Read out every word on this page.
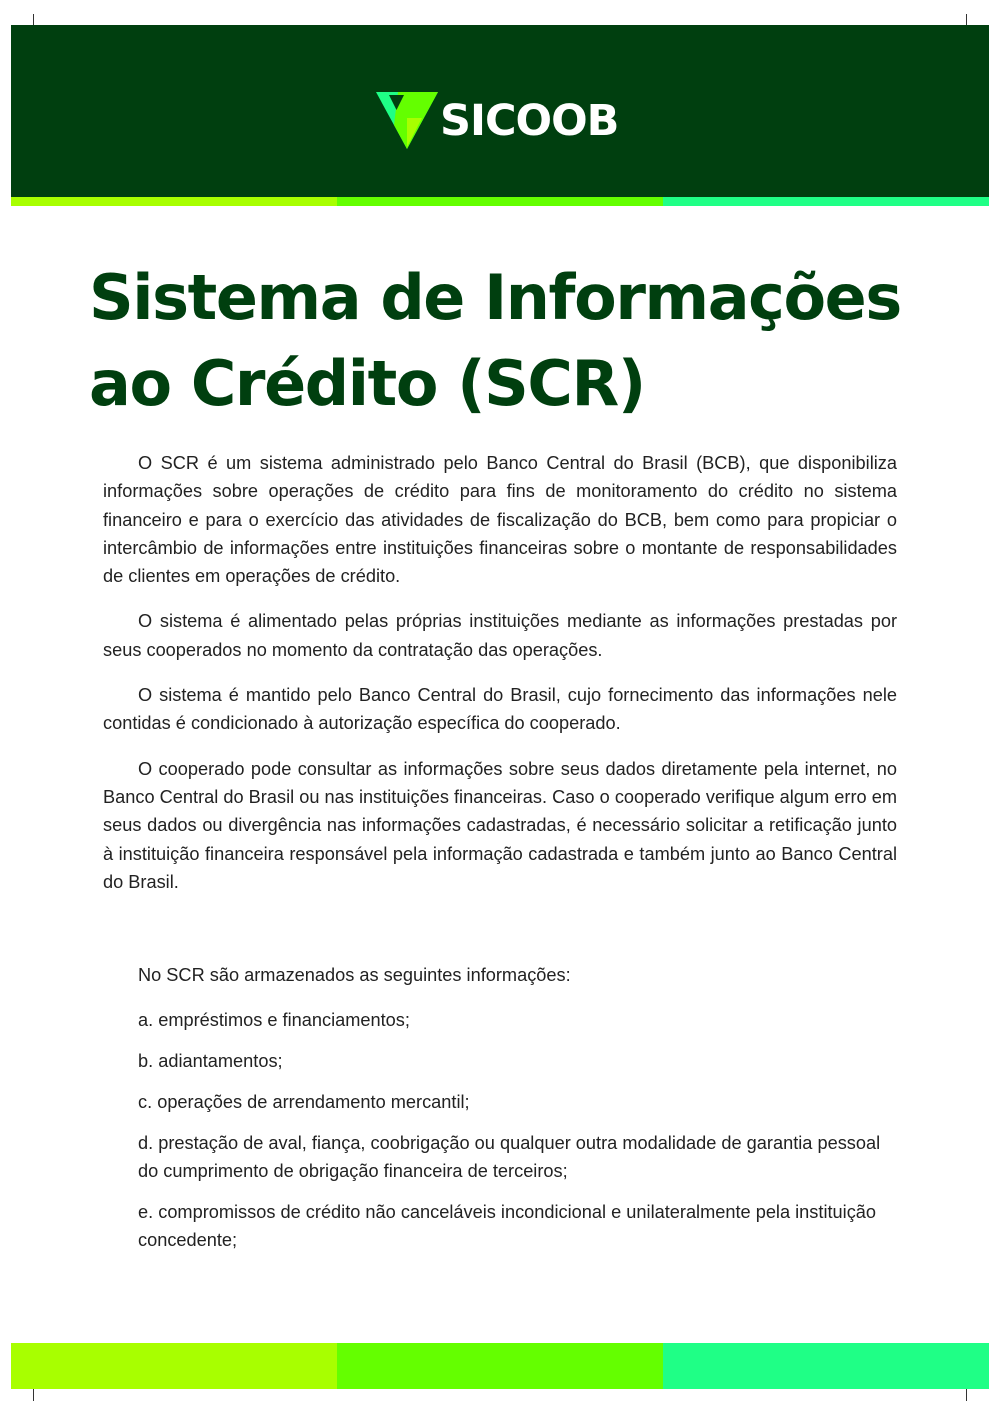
SICOOB
Sistema de Informações
ao Crédito (SCR)

O SCR é um sistema administrado pelo Banco Central do Brasil (BCB), que disponibiliza informações sobre operações de crédito para fins de monitoramento do crédito no sistema financeiro e para o exercício das atividades de fiscalização do BCB, bem como para propiciar o intercâmbio de informações entre instituições financeiras sobre o montante de responsabilidades de clientes em operações de crédito.

O sistema é alimentado pelas próprias instituições mediante as informações prestadas por seus cooperados no momento da contratação das operações.

O sistema é mantido pelo Banco Central do Brasil, cujo fornecimento das informações nele contidas é condicionado à autorização específica do cooperado.

O cooperado pode consultar as informações sobre seus dados diretamente pela internet, no Banco Central do Brasil ou nas instituições financeiras. Caso o cooperado verifique algum erro em seus dados ou divergência nas informações cadastradas, é necessário solicitar a retificação junto à instituição financeira responsável pela informação cadastrada e também junto ao Banco Central do Brasil.

No SCR são armazenados as seguintes informações:

a. empréstimos e financiamentos;

b. adiantamentos;

c. operações de arrendamento mercantil;

d. prestação de aval, fiança, coobrigação ou qualquer outra modalidade de garantia pessoal do cumprimento de obrigação financeira de terceiros;

e. compromissos de crédito não canceláveis incondicional e unilateralmente pela instituição concedente;
